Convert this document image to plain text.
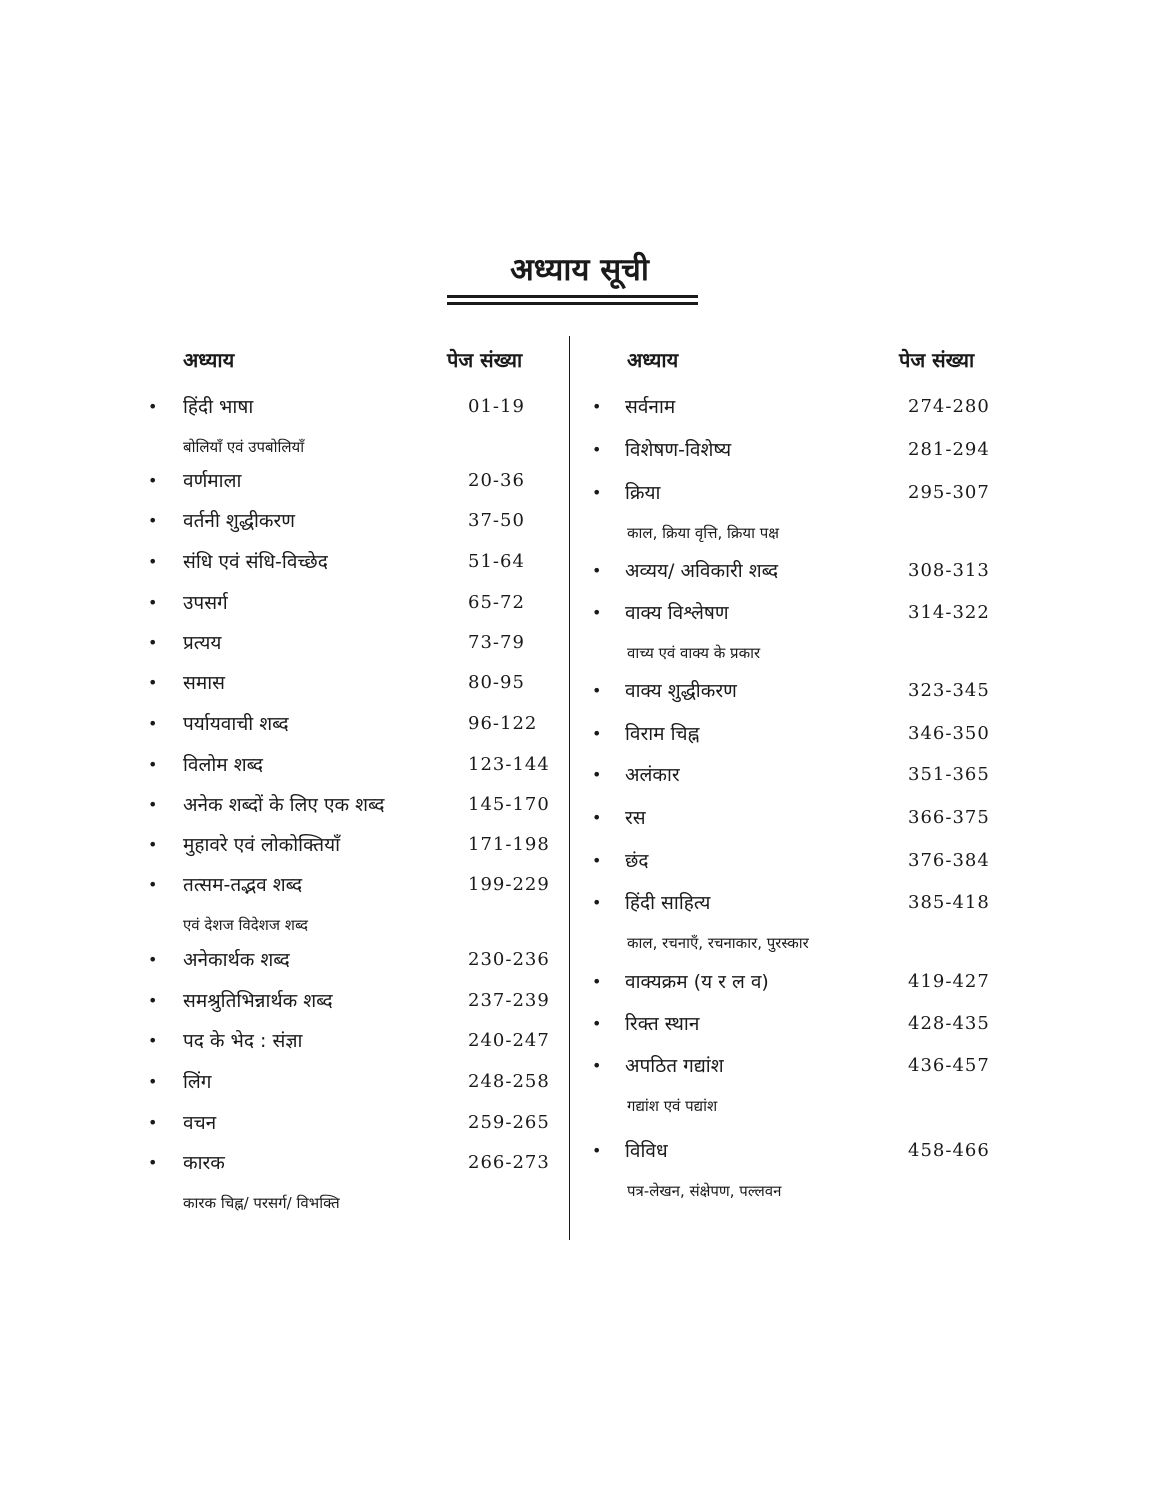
अध्याय सूची
अध्याय	पेज संख्या	अध्याय	पेज संख्या
• हिंदी भाषा	01-19
बोलियाँ एवं उपबोलियाँ
• वर्णमाला	20-36
• वर्तनी शुद्धीकरण	37-50
• संधि एवं संधि-विच्छेद	51-64
• उपसर्ग	65-72
• प्रत्यय	73-79
• समास	80-95
• पर्यायवाची शब्द	96-122
• विलोम शब्द	123-144
• अनेक शब्दों के लिए एक शब्द	145-170
• मुहावरे एवं लोकोक्तियाँ	171-198
• तत्सम-तद्भव शब्द	199-229
एवं देशज विदेशज शब्द
• अनेकार्थक शब्द	230-236
• समश्रुतिभिन्नार्थक शब्द	237-239
• पद के भेद : संज्ञा	240-247
• लिंग	248-258
• वचन	259-265
• कारक	266-273
कारक चिह्न/ परसर्ग/ विभक्ति
• सर्वनाम	274-280
• विशेषण-विशेष्य	281-294
• क्रिया	295-307
काल, क्रिया वृत्ति, क्रिया पक्ष
• अव्यय/ अविकारी शब्द	308-313
• वाक्य विश्लेषण	314-322
वाच्य एवं वाक्य के प्रकार
• वाक्य शुद्धीकरण	323-345
• विराम चिह्न	346-350
• अलंकार	351-365
• रस	366-375
• छंद	376-384
• हिंदी साहित्य	385-418
काल, रचनाएँ, रचनाकार, पुरस्कार
• वाक्यक्रम (य र ल व)	419-427
• रिक्त स्थान	428-435
• अपठित गद्यांश	436-457
गद्यांश एवं पद्यांश
• विविध	458-466
पत्र-लेखन, संक्षेपण, पल्लवन
